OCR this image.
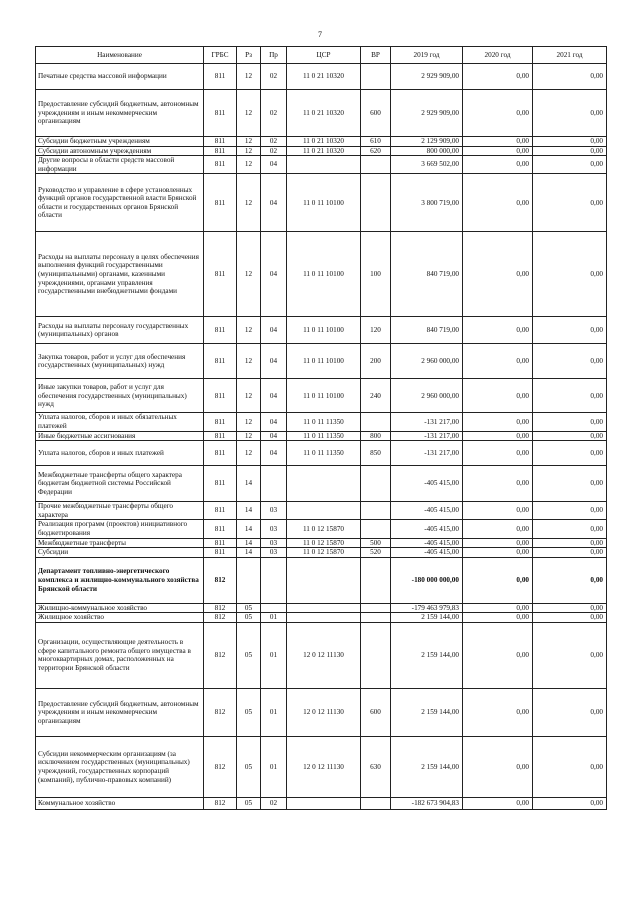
7
Наименование	ГРБС	Рз	Пр	ЦСР	ВР	2019 год	2020 год	2021 год
Печатные средства массовой информации	811	12	02	11 0 21 10320		2 929 909,00	0,00	0,00
Предоставление субсидий бюджетным, автономным учреждениям и иным некоммерческим организациям	811	12	02	11 0 21 10320	600	2 929 909,00	0,00	0,00
Субсидии бюджетным учреждениям	811	12	02	11 0 21 10320	610	2 129 909,00	0,00	0,00
Субсидии автономным учреждениям	811	12	02	11 0 21 10320	620	800 000,00	0,00	0,00
Другие вопросы в области средств массовой информации	811	12	04			3 669 502,00	0,00	0,00
Руководство и управление в сфере установленных функций органов государственной власти Брянской области и государственных органов Брянской области	811	12	04	11 0 11 10100		3 800 719,00	0,00	0,00
Расходы на выплаты персоналу в целях обеспечения выполнения функций государственными (муниципальными) органами, казенными учреждениями, органами управления государственными внебюджетными фондами	811	12	04	11 0 11 10100	100	840 719,00	0,00	0,00
Расходы на выплаты персоналу государственных (муниципальных) органов	811	12	04	11 0 11 10100	120	840 719,00	0,00	0,00
Закупка товаров, работ и услуг для обеспечения государственных (муниципальных) нужд	811	12	04	11 0 11 10100	200	2 960 000,00	0,00	0,00
Иные закупки товаров, работ и услуг для обеспечения государственных (муниципальных) нужд	811	12	04	11 0 11 10100	240	2 960 000,00	0,00	0,00
Уплата налогов, сборов и иных обязательных платежей	811	12	04	11 0 11 11350		-131 217,00	0,00	0,00
Иные бюджетные ассигнования	811	12	04	11 0 11 11350	800	-131 217,00	0,00	0,00
Уплата налогов, сборов и иных платежей	811	12	04	11 0 11 11350	850	-131 217,00	0,00	0,00
Межбюджетные трансферты общего характера бюджетам бюджетной системы Российской Федерации	811	14				-405 415,00	0,00	0,00
Прочие межбюджетные трансферты общего характера	811	14	03			-405 415,00	0,00	0,00
Реализация программ (проектов) инициативного бюджетирования	811	14	03	11 0 12 15870		-405 415,00	0,00	0,00
Межбюджетные трансферты	811	14	03	11 0 12 15870	500	-405 415,00	0,00	0,00
Субсидии	811	14	03	11 0 12 15870	520	-405 415,00	0,00	0,00
Департамент топливно-энергетического комплекса и жилищно-коммунального хозяйства Брянской области	812					-180 000 000,00	0,00	0,00
Жилищно-коммунальное хозяйство	812	05				-179 463 979,83	0,00	0,00
Жилищное хозяйство	812	05	01			2 159 144,00	0,00	0,00
Организации, осуществляющие деятельность в сфере капитального ремонта общего имущества в многоквартирных домах, расположенных на территории Брянской области	812	05	01	12 0 12 11130		2 159 144,00	0,00	0,00
Предоставление субсидий бюджетным, автономным учреждениям и иным некоммерческим организациям	812	05	01	12 0 12 11130	600	2 159 144,00	0,00	0,00
Субсидии некоммерческим организациям (за исключением государственных (муниципальных) учреждений, государственных корпораций (компаний), публично-правовых компаний)	812	05	01	12 0 12 11130	630	2 159 144,00	0,00	0,00
Коммунальное хозяйство	812	05	02			-182 673 904,83	0,00	0,00
